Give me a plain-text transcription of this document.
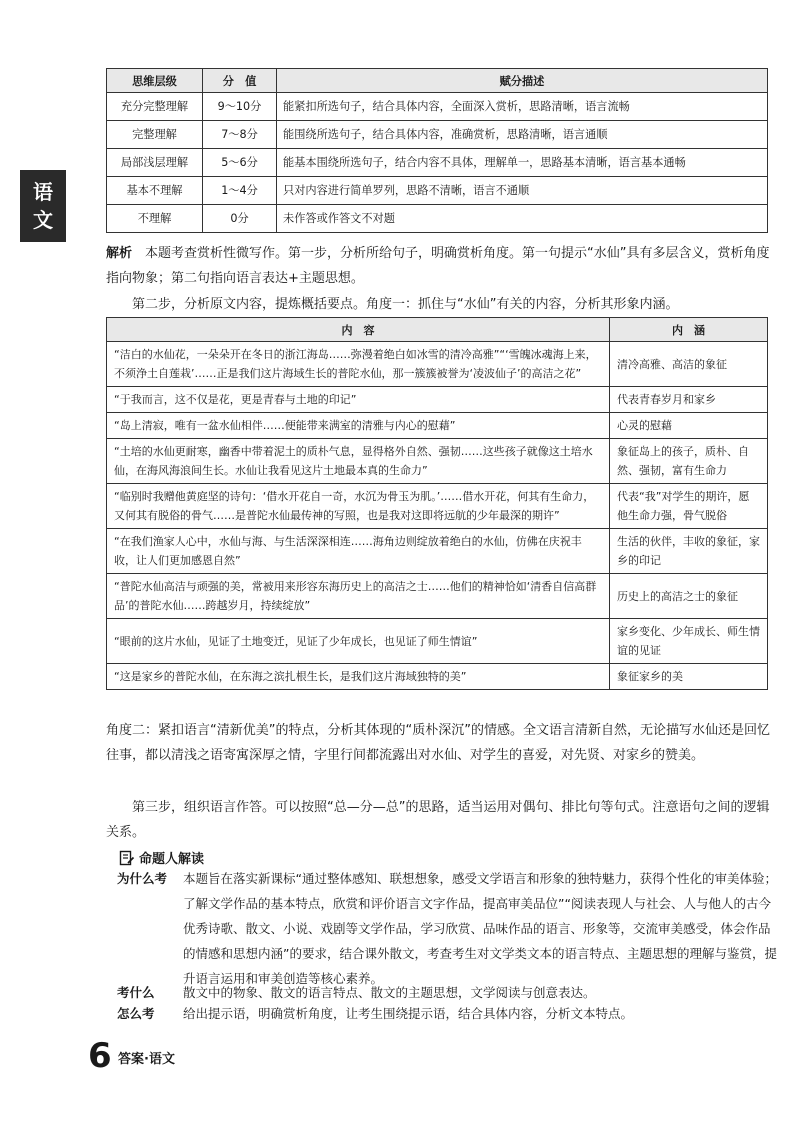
语
文
思维层级	分　值	赋分描述
充分完整理解	9～10分	能紧扣所选句子，结合具体内容，全面深入赏析，思路清晰，语言流畅
完整理解	7～8分	能围绕所选句子，结合具体内容，准确赏析，思路清晰，语言通顺
局部浅层理解	5～6分	能基本围绕所选句子，结合内容不具体，理解单一，思路基本清晰，语言基本通畅
基本不理解	1～4分	只对内容进行简单罗列，思路不清晰，语言不通顺
不理解	0分	未作答或作答文不对题

解析　本题考查赏析性微写作。第一步，分析所给句子，明确赏析角度。第一句提示“水仙”具有多层含义，赏析角度指向物象；第二句指向语言表达+主题思想。

第二步，分析原文内容，提炼概括要点。角度一：抓住与“水仙”有关的内容，分析其形象内涵。

内　容	内　涵
“洁白的水仙花，一朵朵开在冬日的浙江海岛……弥漫着绝白如冰雪的清冷高雅”“‘雪魄冰魂海上来，不须浄土自莲栽’……正是我们这片海域生长的普陀水仙，那一簇簇被誉为‘凌波仙子’的高洁之花”	清冷高雅、高洁的象征
“于我而言，这不仅是花，更是青春与土地的印记”	代表青春岁月和家乡
“岛上清寂，唯有一盆水仙相伴……便能带来满室的清雅与内心的慰藉”	心灵的慰藉
“土培的水仙更耐寒，幽香中带着泥土的质朴气息，显得格外自然、强韧……这些孩子就像这土培水仙，在海风海浪间生长。水仙让我看见这片土地最本真的生命力”	象征岛上的孩子，质朴、自然、强韧，富有生命力
“临别时我赠他黄庭坚的诗句：‘借水开花自一奇，水沉为骨玉为肌。’……借水开花，何其有生命力，又何其有脱俗的骨气……是普陀水仙最传神的写照，也是我对这即将远航的少年最深的期许”	代表“我”对学生的期许，愿他生命力强，骨气脱俗
“在我们渔家人心中，水仙与海、与生活深深相连……海角边则绽放着绝白的水仙，仿佛在庆祝丰收，让人们更加感恩自然”	生活的伙伴，丰收的象征，家乡的印记
“普陀水仙高洁与顽强的美，常被用来形容东海历史上的高洁之士……他们的精神恰如‘清香自信高群品’的普陀水仙……跨越岁月，持续绽放”	历史上的高洁之士的象征
“眼前的这片水仙，见证了土地变迁，见证了少年成长，也见证了师生情谊”	家乡变化、少年成长、师生情谊的见证
“这是家乡的普陀水仙，在东海之滨扎根生长，是我们这片海域独特的美”	象征家乡的美

角度二：紧扣语言“清新优美”的特点，分析其体现的“质朴深沉”的情感。全文语言清新自然，无论描写水仙还是回忆往事，都以清浅之语寄寓深厚之情，字里行间都流露出对水仙、对学生的喜爱，对先贤、对家乡的赞美。

第三步，组织语言作答。可以按照“总—分—总”的思路，适当运用对偶句、排比句等句式。注意语句之间的逻辑关系。

命题人解读
为什么考	本题旨在落实新课标“通过整体感知、联想想象，感受文学语言和形象的独特魅力，获得个性化的审美体验；了解文学作品的基本特点，欣赏和评价语言文字作品，提高审美品位”“阅读表现人与社会、人与他人的古今优秀诗歌、散文、小说、戏剧等文学作品，学习欣赏、品味作品的语言、形象等，交流审美感受，体会作品的情感和思想内涵”的要求，结合课外散文，考查考生对文学类文本的语言特点、主题思想的理解与鉴赏，提升语言运用和审美创造等核心素养。

考什么	散文中的物象、散文的语言特点、散文的主题思想，文学阅读与创意表达。

怎么考	给出提示语，明确赏析角度，让考生围绕提示语，结合具体内容，分析文本特点。

6 答案·语文
